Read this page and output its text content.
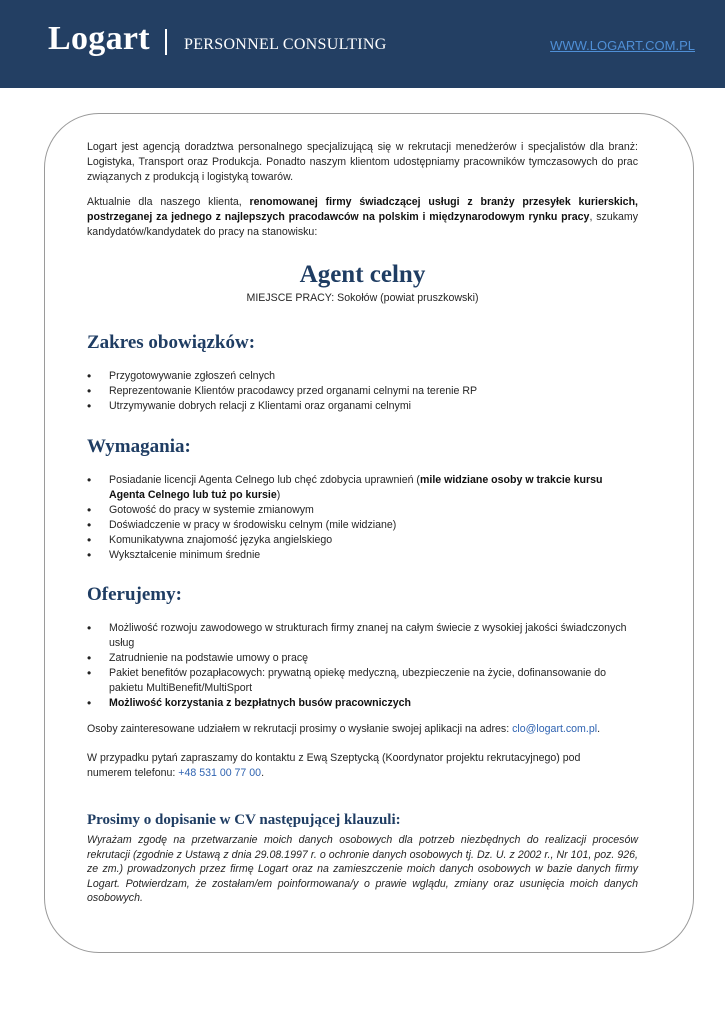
Logart PERSONNEL CONSULTING	WWW.LOGART.COM.PL

Logart jest agencją doradztwa personalnego specjalizującą się w rekrutacji menedżerów i specjalistów dla branż: Logistyka, Transport oraz Produkcja. Ponadto naszym klientom udostępniamy pracowników tymczasowych do prac związanych z produkcją i logistyką towarów.

Aktualnie dla naszego klienta, renomowanej firmy świadczącej usługi z branży przesyłek kurierskich, postrzeganej za jednego z najlepszych pracodawców na polskim i międzynarodowym rynku pracy, szukamy kandydatów/kandydatek do pracy na stanowisku:

Agent celny
MIEJSCE PRACY: Sokołów (powiat pruszkowski)
Zakres obowiązków:
• Przygotowywanie zgłoszeń celnych
• Reprezentowanie Klientów pracodawcy przed organami celnymi na terenie RP
• Utrzymywanie dobrych relacji z Klientami oraz organami celnymi
Wymagania:
• Posiadanie licencji Agenta Celnego lub chęć zdobycia uprawnień (mile widziane osoby w trakcie kursu Agenta Celnego lub tuż po kursie)
• Gotowość do pracy w systemie zmianowym
• Doświadczenie w pracy w środowisku celnym (mile widziane)
• Komunikatywna znajomość języka angielskiego
• Wykształcenie minimum średnie
Oferujemy:
• Możliwość rozwoju zawodowego w strukturach firmy znanej na całym świecie z wysokiej jakości świadczonych usług
• Zatrudnienie na podstawie umowy o pracę
• Pakiet benefitów pozapłacowych: prywatną opiekę medyczną, ubezpieczenie na życie, dofinansowanie do pakietu MultiBenefit/MultiSport
• Możliwość korzystania z bezpłatnych busów pracowniczych

Osoby zainteresowane udziałem w rekrutacji prosimy o wysłanie swojej aplikacji na adres: clo@logart.com.pl.

W przypadku pytań zapraszamy do kontaktu z Ewą Szeptycką (Koordynator projektu rekrutacyjnego) pod numerem telefonu: +48 531 00 77 00.

Prosimy o dopisanie w CV następującej klauzuli:

Wyrażam zgodę na przetwarzanie moich danych osobowych dla potrzeb niezbędnych do realizacji procesów rekrutacji (zgodnie z Ustawą z dnia 29.08.1997 r. o ochronie danych osobowych tj. Dz. U. z 2002 r., Nr 101, poz. 926, ze zm.) prowadzonych przez firmę Logart oraz na zamieszczenie moich danych osobowych w bazie danych firmy Logart. Potwierdzam, że zostałam/em poinformowana/y o prawie wglądu, zmiany oraz usunięcia moich danych osobowych.
